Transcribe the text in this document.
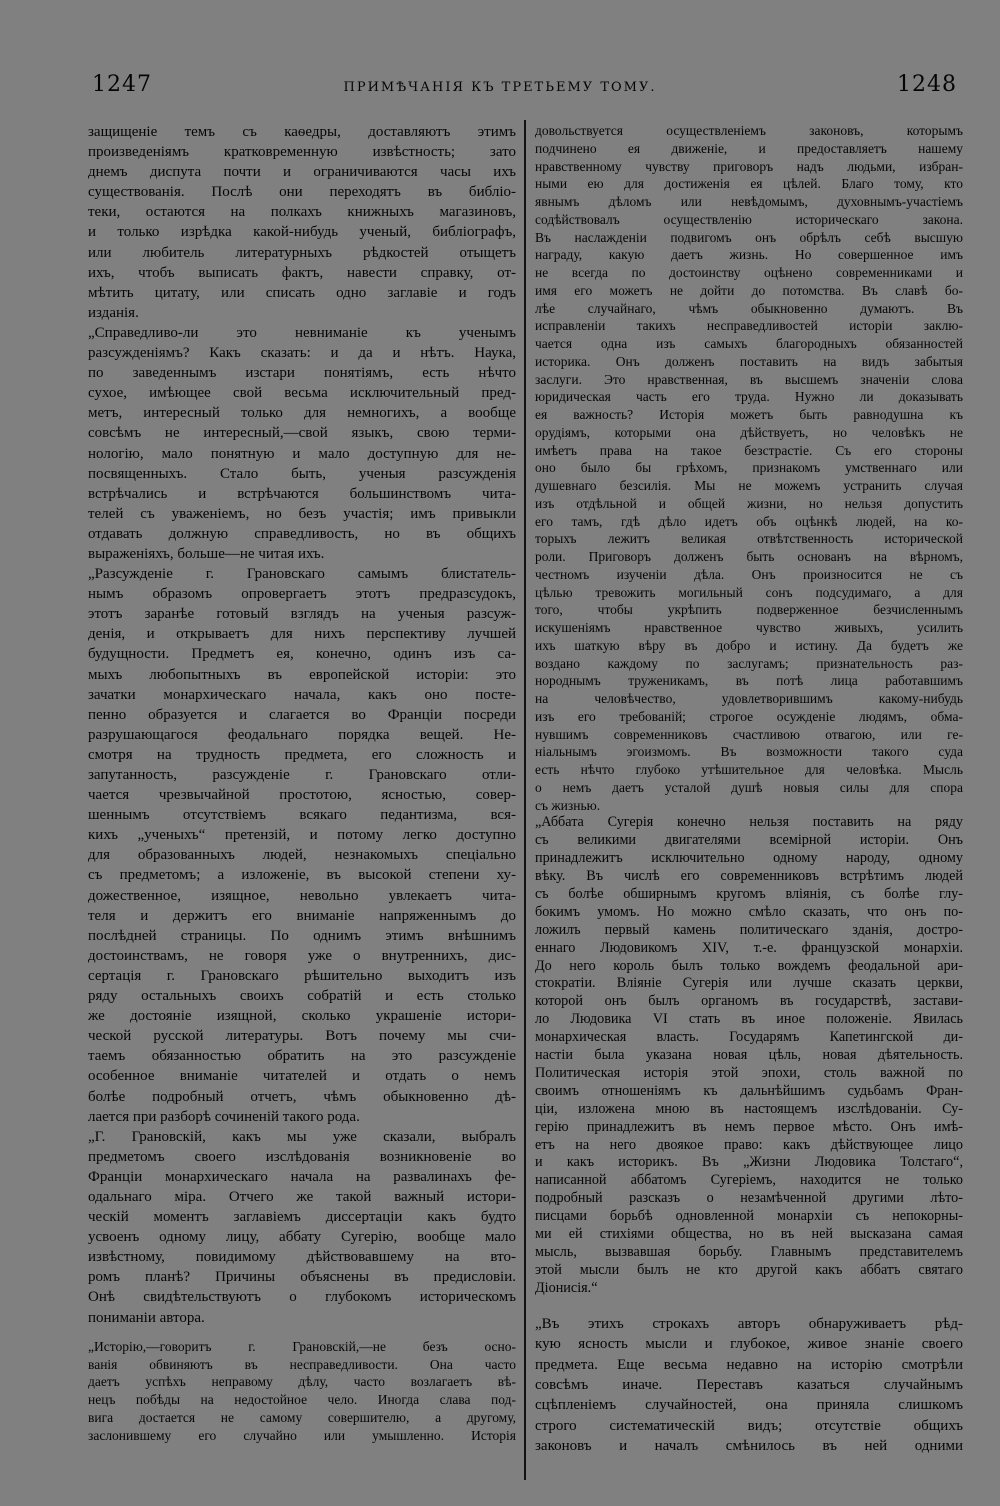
1247	ПРИМѢЧАНІЯ КЪ ТРЕТЬЕМУ ТОМУ.	1248

защищеніе темъ съ каѳедры, доставляютъ этимъ

произведеніямъ кратковременную извѣстность; зато

днемъ диспута почти и ограничиваются часы ихъ

существованія. Послѣ они переходятъ въ библіо-

теки, остаются на полкахъ книжныхъ магазиновъ,

и только изрѣдка какой-нибудь ученый, библіографъ,

или любитель литературныхъ рѣдкостей отыщетъ

ихъ, чтобъ выписать фактъ, навести справку, от-

мѣтить цитату, или списать одно заглавіе и годъ

изданія.

„Справедливо-ли это невниманіе къ ученымъ

разсужденіямъ? Какъ сказать: и да и нѣтъ. Наука,

по заведеннымъ изстари понятіямъ, есть нѣчто

сухое, имѣющее свой весьма исключительный пред-

метъ, интересный только для немногихъ, а вообще

совсѣмъ не интересный,—свой языкъ, свою терми-

нологію, мало понятную и мало доступную для не-

посвященныхъ. Стало быть, ученыя разсужденія

встрѣчались и встрѣчаются большинствомъ чита-

телей съ уваженіемъ, но безъ участія; имъ привыкли

отдавать должную справедливость, но въ общихъ

выраженіяхъ, больше—не читая ихъ.

„Разсужденіе г. Грановскаго самымъ блистатель-

нымъ образомъ опровергаетъ этотъ предразсудокъ,

этотъ заранѣе готовый взглядъ на ученыя разсуж-

денія, и открываетъ для нихъ перспективу лучшей

будущности. Предметъ ея, конечно, одинъ изъ са-

мыхъ любопытныхъ въ европейской исторіи: это

зачатки монархическаго начала, какъ оно посте-

пенно образуется и слагается во Франціи посреди

разрушающагося феодальнаго порядка вещей. Не-

смотря на трудность предмета, его сложность и

запутанность, разсужденіе г. Грановскаго отли-

чается чрезвычайной простотою, ясностью, совер-

шеннымъ отсутствіемъ всякаго педантизма, вся-

кихъ „ученыхъ“ претензій, и потому легко доступно

для образованныхъ людей, незнакомыхъ спеціально

съ предметомъ; а изложеніе, въ высокой степени ху-

дожественное, изящное, невольно увлекаетъ чита-

теля и держитъ его вниманіе напряженнымъ до

послѣдней страницы. По однимъ этимъ внѣшнимъ

достоинствамъ, не говоря уже о внутреннихъ, дис-

сертація г. Грановскаго рѣшительно выходитъ изъ

ряду остальныхъ своихъ собратій и есть столько

же достояніе изящной, сколько украшеніе истори-

ческой русской литературы. Вотъ почему мы счи-

таемъ обязанностью обратить на это разсужденіе

особенное вниманіе читателей и отдать о немъ

болѣе подробный отчетъ, чѣмъ обыкновенно дѣ-

лается при разборѣ сочиненій такого рода.

„Г. Грановскій, какъ мы уже сказали, выбралъ

предметомъ своего изслѣдованія возникновеніе во

Франціи монархическаго начала на развалинахъ фе-

одальнаго міра. Отчего же такой важный истори-

ческій моментъ заглавіемъ диссертаціи какъ будто

усвоенъ одному лицу, аббату Сугерію, вообще мало

извѣстному, повидимому дѣйствовавшему на вто-

ромъ планѣ? Причины объяснены въ предисловіи.

Онѣ свидѣтельствуютъ о глубокомъ историческомъ

пониманіи автора.

„Исторію,—говоритъ г. Грановскій,—не безъ осно-

ванія обвиняютъ въ несправедливости. Она часто

даетъ успѣхъ неправому дѣлу, часто возлагаетъ вѣ-

нецъ побѣды на недостойное чело. Иногда слава под-

вига достается не самому совершителю, а другому,

заслонившему его случайно или умышленно. Исторія

довольствуется осуществленіемъ законовъ, которымъ

подчинено ея движеніе, и предоставляетъ нашему

нравственному чувству приговоръ надъ людьми, избран-

ными ею для достиженія ея цѣлей. Благо тому, кто

явнымъ дѣломъ или невѣдомымъ, духовнымъ-участіемъ

содѣйствовалъ осуществленію историческаго закона.

Въ наслажденіи подвигомъ онъ обрѣлъ себѣ высшую

награду, какую даетъ жизнь. Но совершенное имъ

не всегда по достоинству оцѣнено современниками и

имя его можетъ не дойти до потомства. Въ славѣ бо-

лѣе случайнаго, чѣмъ обыкновенно думаютъ. Въ

исправленіи такихъ несправедливостей исторіи заклю-

чается одна изъ самыхъ благородныхъ обязанностей

историка. Онъ долженъ поставить на видъ забытыя

заслуги. Это нравственная, въ высшемъ значеніи слова

юридическая часть его труда. Нужно ли доказывать

ея важность? Исторія можетъ быть равнодушна къ

орудіямъ, которыми она дѣйствуетъ, но человѣкъ не

имѣетъ права на такое безстрастіе. Съ его стороны

оно было бы грѣхомъ, признакомъ умственнаго или

душевнаго безсилія. Мы не можемъ устранить случая

изъ отдѣльной и общей жизни, но нельзя допустить

его тамъ, гдѣ дѣло идетъ объ оцѣнкѣ людей, на ко-

торыхъ лежитъ великая отвѣтственность исторической

роли. Приговоръ долженъ быть основанъ на вѣрномъ,

честномъ изученіи дѣла. Онъ произносится не съ

цѣлью тревожить могильный сонъ подсудимаго, а для

того, чтобы укрѣпить подверженное безчисленнымъ

искушеніямъ нравственное чувство живыхъ, усилить

ихъ шаткую вѣру въ добро и истину. Да будетъ же

воздано каждому по заслугамъ; признательность раз-

нороднымъ труженикамъ, въ потѣ лица работавшимъ

на человѣчество, удовлетворившимъ какому-нибудь

изъ его требованій; строгое осужденіе людямъ, обма-

нувшимъ современниковъ счастливою отвагою, или ге-

ніальнымъ эгоизмомъ. Въ возможности такого суда

есть нѣчто глубоко утѣшительное для человѣка. Мысль

о немъ даетъ усталой душѣ новыя силы для спора

съ жизнью.

„Аббата Сугерія конечно нельзя поставить на ряду

съ великими двигателями всемірной исторіи. Онъ

принадлежитъ исключительно одному народу, одному

вѣку. Въ числѣ его современниковъ встрѣтимъ людей

съ болѣе обширнымъ кругомъ вліянія, съ болѣе глу-

бокимъ умомъ. Но можно смѣло сказать, что онъ по-

ложилъ первый камень политическаго зданія, достро-

еннаго Людовикомъ XIV, т.-е. французской монархіи.

До него король былъ только вождемъ феодальной ари-

стократіи. Вліяніе Сугерія или лучше сказать церкви,

которой онъ былъ органомъ въ государствѣ, застави-

ло Людовика VI стать въ иное положеніе. Явилась

монархическая власть. Государямъ Капетингской ди-

настіи была указана новая цѣль, новая дѣятельность.

Политическая исторія этой эпохи, столь важной по

своимъ отношеніямъ къ дальнѣйшимъ судьбамъ Фран-

ціи, изложена мною въ настоящемъ изслѣдованіи. Су-

герію принадлежитъ въ немъ первое мѣсто. Онъ имѣ-

етъ на него двоякое право: какъ дѣйствующее лицо

и какъ историкъ. Въ „Жизни Людовика Толстаго“,

написанной аббатомъ Сугеріемъ, находится не только

подробный разсказъ о незамѣченной другими лѣто-

писцами борьбѣ одновленной монархіи съ непокорны-

ми ей стихіями общества, но въ ней высказана самая

мысль, вызвавшая борьбу. Главнымъ представителемъ

этой мысли былъ не кто другой какъ аббатъ святаго

Діонисія.“

„Въ этихъ строкахъ авторъ обнаруживаетъ рѣд-

кую ясность мысли и глубокое, живое знаніе своего

предмета. Еще весьма недавно на исторію смотрѣли

совсѣмъ иначе. Переставъ казаться случайнымъ

сцѣпленіемъ случайностей, она приняла слишкомъ

строго систематическій видъ; отсутствіе общихъ

законовъ и началъ смѣнилось въ ней одними
